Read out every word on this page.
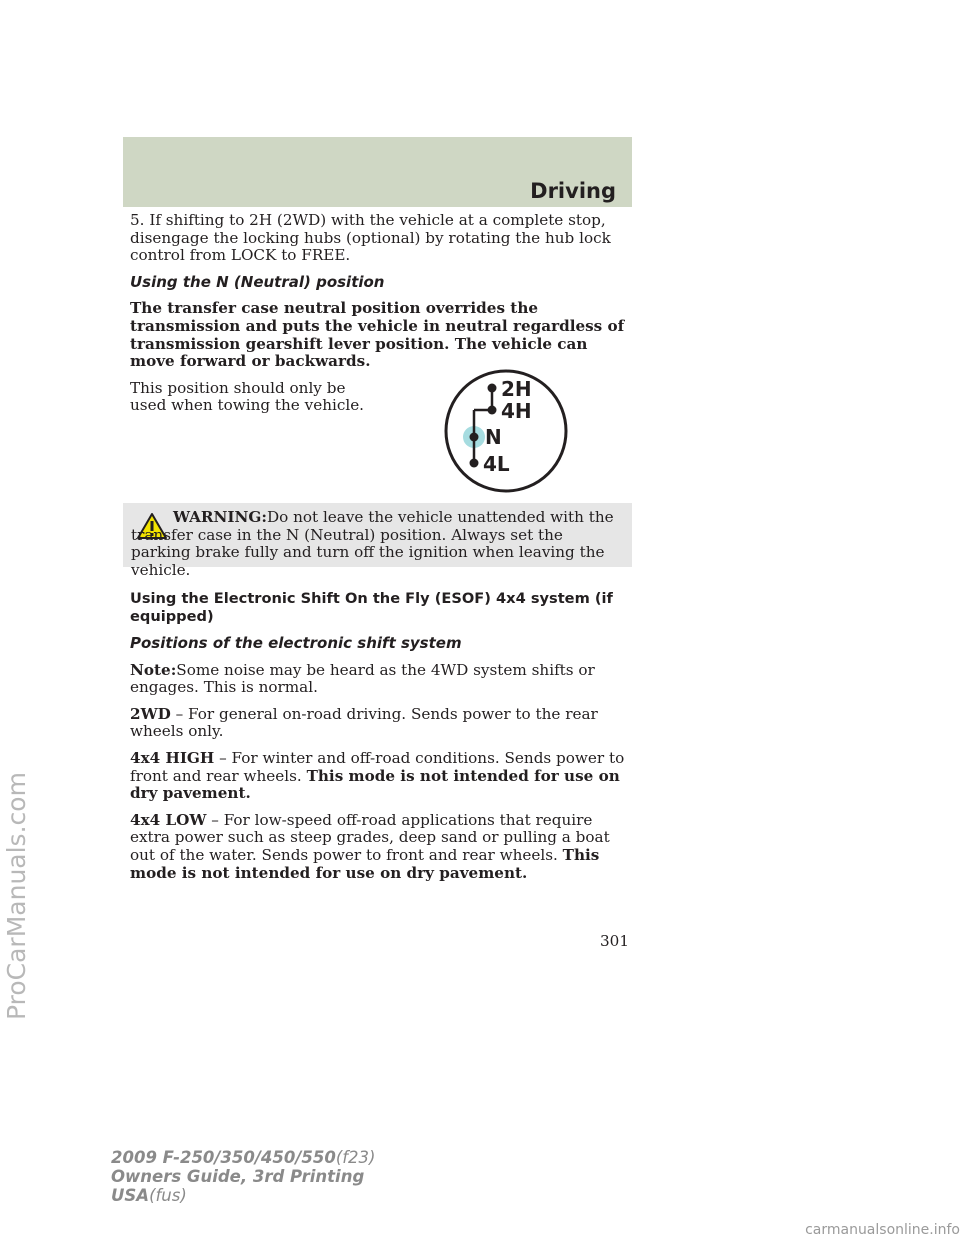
Driving
ProCarManuals.com

5. If shifting to 2H (2WD) with the vehicle at a complete stop, disengage the locking hubs (optional) by rotating the hub lock control from LOCK to FREE.

Using the N (Neutral) position

The transfer case neutral position overrides the transmission and puts the vehicle in neutral regardless of transmission gearshift lever position. The vehicle can move forward or backwards.

This position should only be used when towing the vehicle.

2H
4H
N
4L

WARNING:Do not leave the vehicle unattended with the transfer case in the N (Neutral) position. Always set the parking brake fully and turn off the ignition when leaving the vehicle.

Using the Electronic Shift On the Fly (ESOF) 4x4 system (if equipped)
Positions of the electronic shift system

Note:Some noise may be heard as the 4WD system shifts or engages. This is normal.

2WD – For general on-road driving. Sends power to the rear wheels only.

4x4 HIGH – For winter and off-road conditions. Sends power to front and rear wheels. This mode is not intended for use on dry pavement.

4x4 LOW – For low-speed off-road applications that require extra power such as steep grades, deep sand or pulling a boat out of the water. Sends power to front and rear wheels. This mode is not intended for use on dry pavement.

301

2009 F-250/350/450/550(f23)
Owners Guide, 3rd Printing
USA(fus)
carmanualsonline.info
